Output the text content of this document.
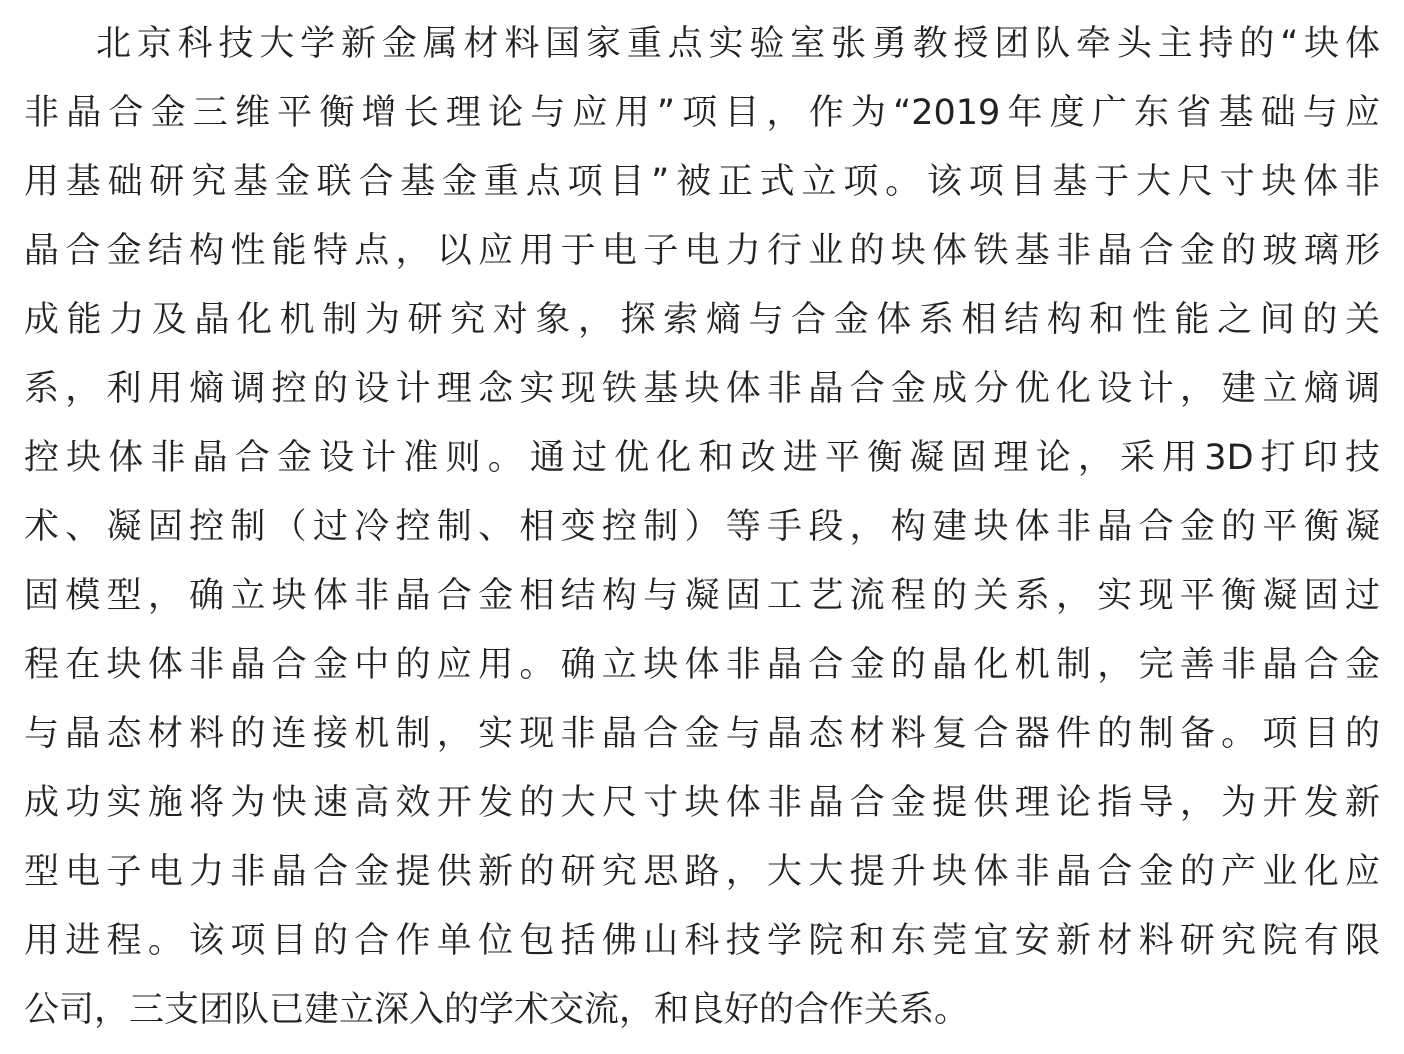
北京科技大学新金属材料国家重点实验室张勇教授团队牵头主持的“块体
非晶合金三维平衡增长理论与应用”项目，作为“2019年度广东省基础与应
用基础研究基金联合基金重点项目”被正式立项。该项目基于大尺寸块体非
晶合金结构性能特点，以应用于电子电力行业的块体铁基非晶合金的玻璃形
成能力及晶化机制为研究对象，探索熵与合金体系相结构和性能之间的关
系，利用熵调控的设计理念实现铁基块体非晶合金成分优化设计，建立熵调
控块体非晶合金设计准则。通过优化和改进平衡凝固理论，采用3D打印技
术、凝固控制（过冷控制、相变控制）等手段，构建块体非晶合金的平衡凝
固模型，确立块体非晶合金相结构与凝固工艺流程的关系，实现平衡凝固过
程在块体非晶合金中的应用。确立块体非晶合金的晶化机制，完善非晶合金
与晶态材料的连接机制，实现非晶合金与晶态材料复合器件的制备。项目的
成功实施将为快速高效开发的大尺寸块体非晶合金提供理论指导，为开发新
型电子电力非晶合金提供新的研究思路，大大提升块体非晶合金的产业化应
用进程。该项目的合作单位包括佛山科技学院和东莞宜安新材料研究院有限
公司，三支团队已建立深入的学术交流，和良好的合作关系。
